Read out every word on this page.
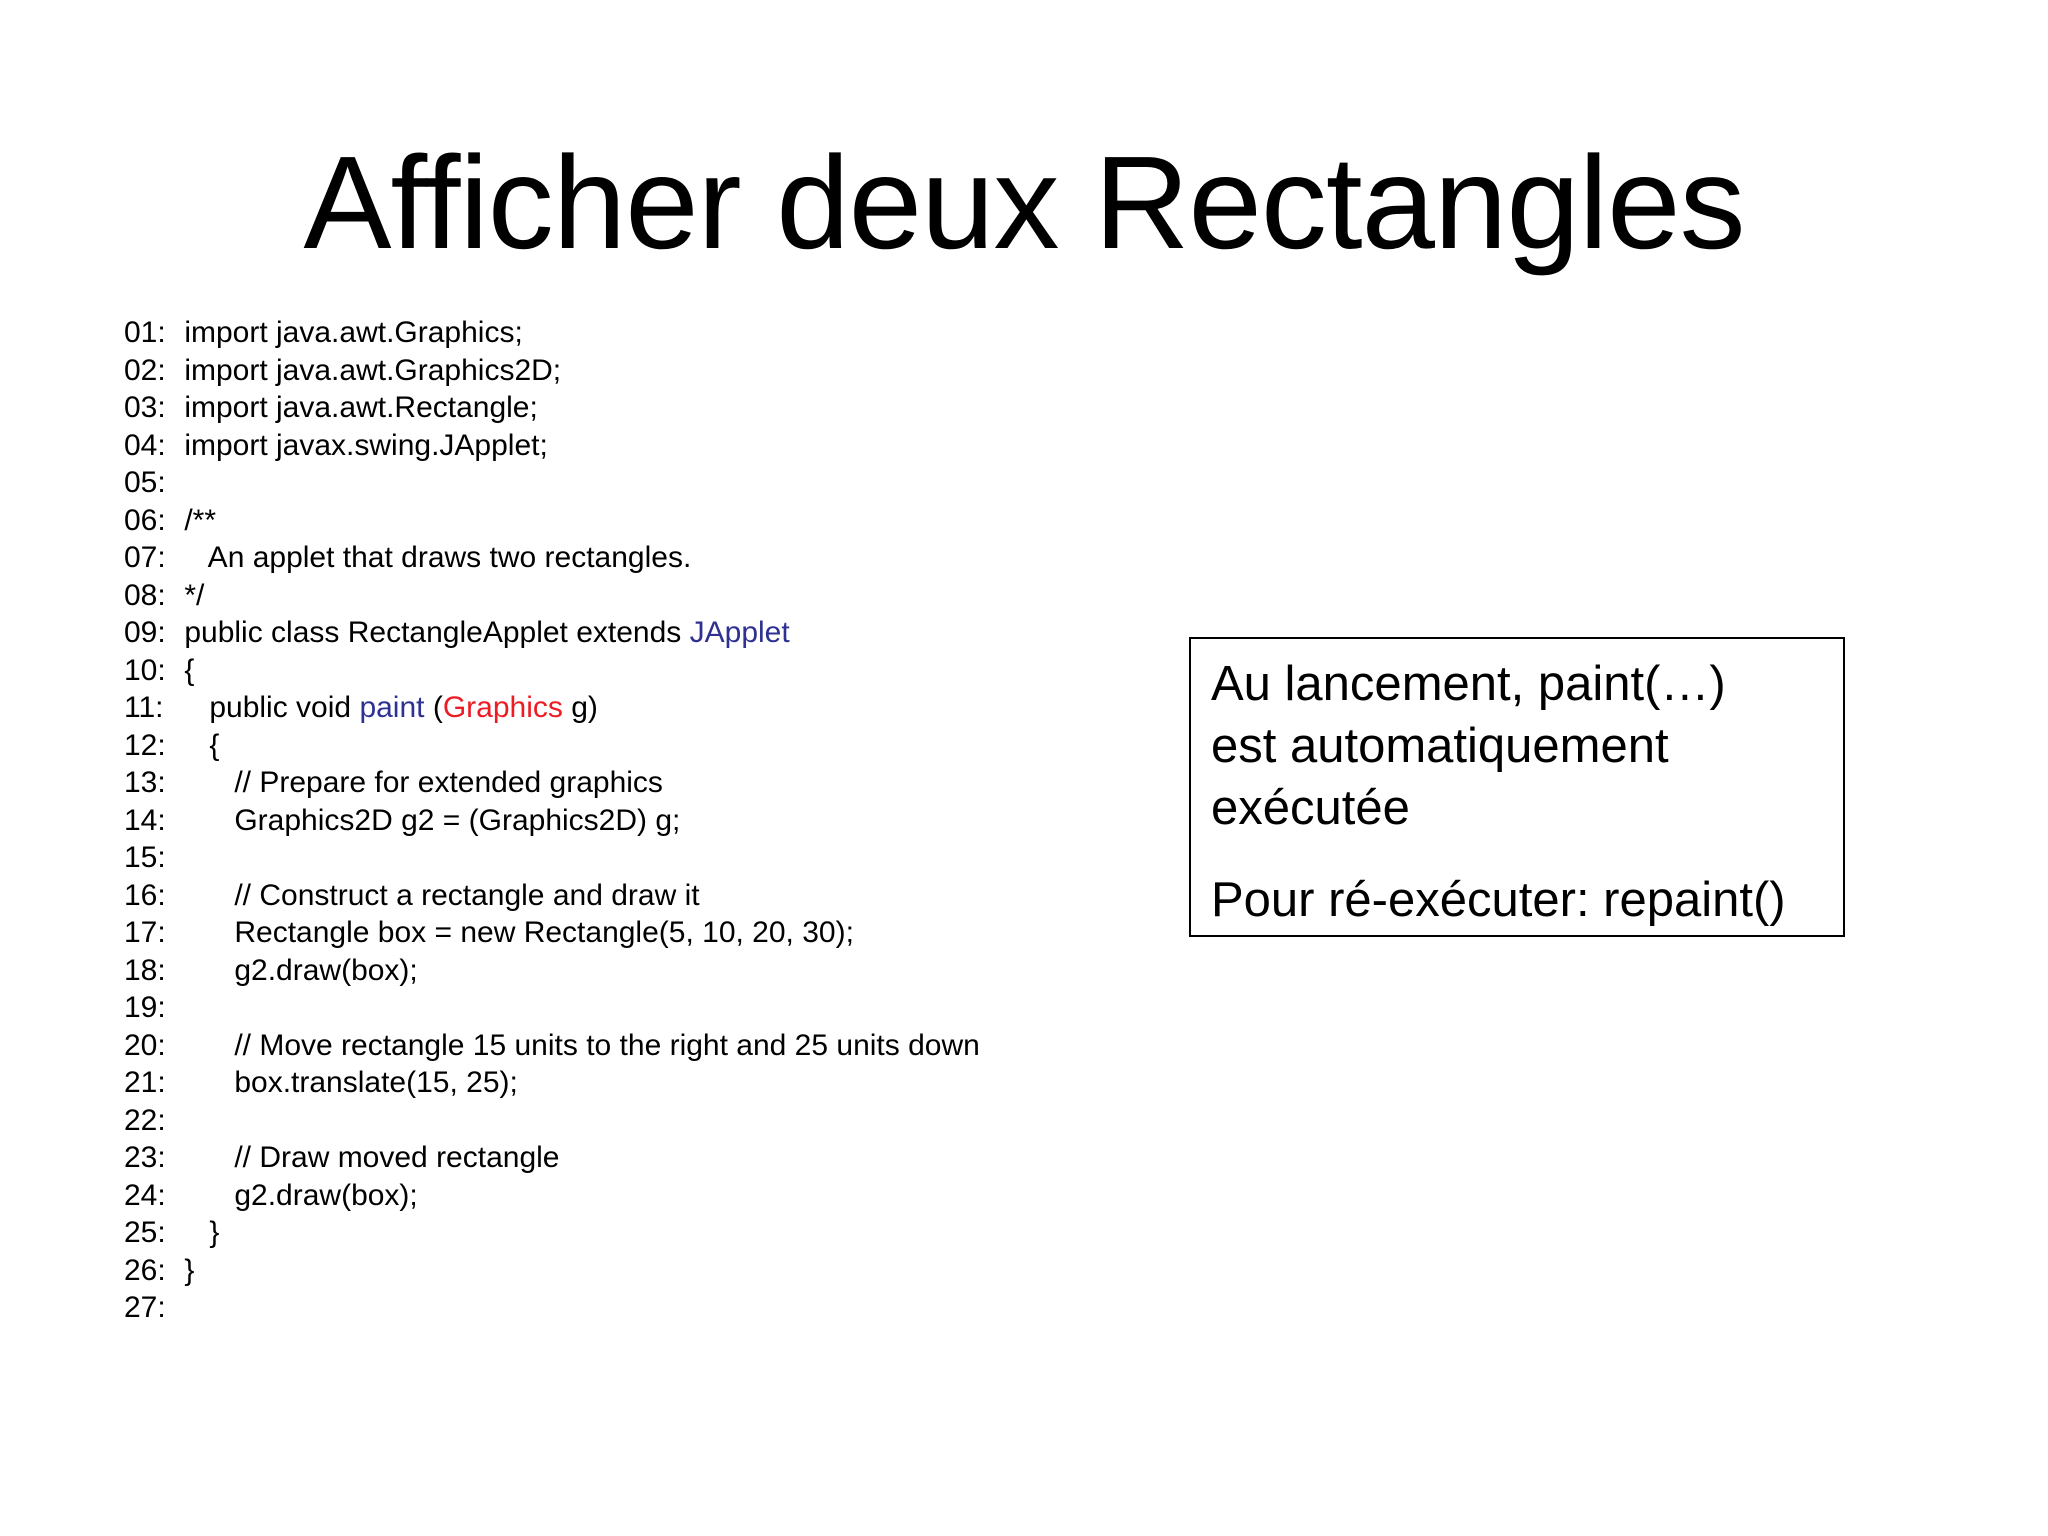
Afficher deux Rectangles
01: import java.awt.Graphics;
02: import java.awt.Graphics2D;
03: import java.awt.Rectangle;
04: import javax.swing.JApplet;
05:
06: /**
07:    An applet that draws two rectangles.
08: */
09: public class RectangleApplet extends JApplet
10: {
11:    public void paint (Graphics g)
12:    {
13:       // Prepare for extended graphics
14:       Graphics2D g2 = (Graphics2D) g;
15:
16:       // Construct a rectangle and draw it
17:       Rectangle box = new Rectangle(5, 10, 20, 30);
18:       g2.draw(box);
19:
20:       // Move rectangle 15 units to the right and 25 units down
21:       box.translate(15, 25);
22:
23:       // Draw moved rectangle
24:       g2.draw(box);
25:    }
26: }
27:

Au lancement, paint(…)

est automatiquement

exécutée

Pour ré-exécuter: repaint()
